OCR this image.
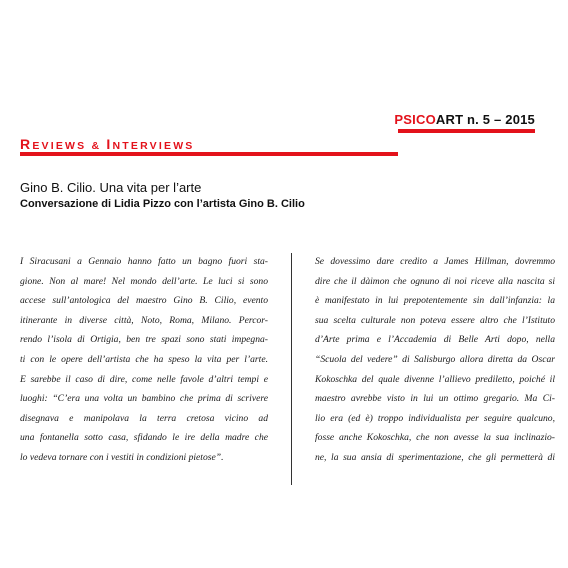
PSICOART n. 5 – 2015
REVIEWS & INTERVIEWS
Gino B. Cilio. Una vita per l’arte
Conversazione di Lidia Pizzo con l’artista Gino B. Cilio
I Siracusani a Gennaio hanno fatto un bagno fuori sta-
gione. Non al mare! Nel mondo dell’arte. Le luci si sono
accese sull’antologica del maestro Gino B. Cilio, evento
itinerante in diverse città, Noto, Roma, Milano. Percor-
rendo l’isola di Ortigia, ben tre spazi sono stati impegna-
ti con le opere dell’artista che ha speso la vita per l’arte.
E sarebbe il caso di dire, come nelle favole d’altri tempi e
luoghi: “C’era una volta un bambino che prima di scrivere
disegnava e manipolava la terra cretosa vicino ad
una fontanella sotto casa, sfidando le ire della madre che
lo vedeva tornare con i vestiti in condizioni pietose”.
Se dovessimo dare credito a James Hillman, dovremmo
dire che il dàimon che ognuno di noi riceve alla nascita si
è manifestato in lui prepotentemente sin dall’infanzia: la
sua scelta culturale non poteva essere altro che l’Istituto
d’Arte prima e l’Accademia di Belle Arti dopo, nella
“Scuola del vedere” di Salisburgo allora diretta da Oscar
Kokoschka del quale divenne l’allievo prediletto, poiché il
maestro avrebbe visto in lui un ottimo gregario. Ma Ci-
lio era (ed è) troppo individualista per seguire qualcuno,
fosse anche Kokoschka, che non avesse la sua inclinazio-
ne, la sua ansia di sperimentazione, che gli permetterà di
